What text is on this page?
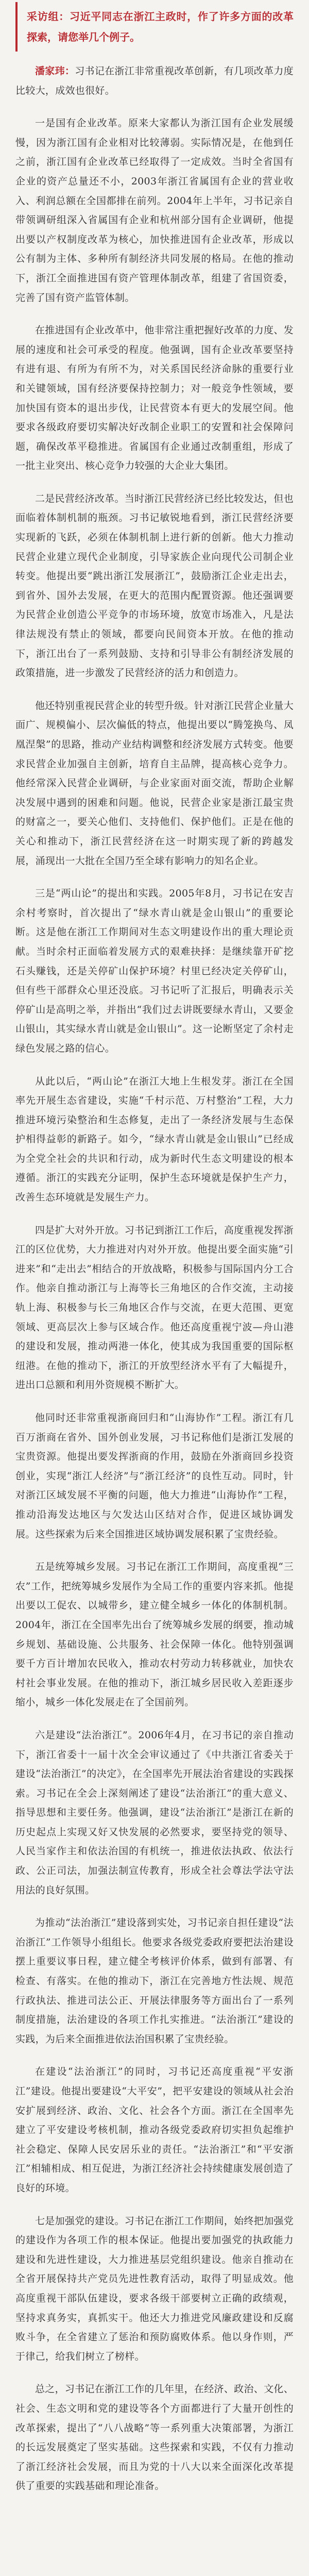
采访组：习近平同志在浙江主政时，作了许多方面的改革探索，请您举几个例子。

潘家玮：习书记在浙江非常重视改革创新，有几项改革力度比较大，成效也很好。

一是国有企业改革。原来大家都认为浙江国有企业发展缓慢，因为浙江国有企业相对比较薄弱。实际情况是，在他到任之前，浙江国有企业改革已经取得了一定成效。当时全省国有企业的资产总量还不小，2003年浙江省属国有企业的营业收入、利润总额在全国都排在前列。2004年上半年，习书记亲自带领调研组深入省属国有企业和杭州部分国有企业调研，他提出要以产权制度改革为核心，加快推进国有企业改革，形成以公有制为主体、多种所有制经济共同发展的格局。在他的推动下，浙江全面推进国有资产管理体制改革，组建了省国资委，完善了国有资产监管体制。

在推进国有企业改革中，他非常注重把握好改革的力度、发展的速度和社会可承受的程度。他强调，国有企业改革要坚持有进有退、有所为有所不为，对关系国民经济命脉的重要行业和关键领域，国有经济要保持控制力；对一般竞争性领域，要加快国有资本的退出步伐，让民营资本有更大的发展空间。他要求各级政府要切实解决好改制企业职工的安置和社会保障问题，确保改革平稳推进。省属国有企业通过改制重组，形成了一批主业突出、核心竞争力较强的大企业大集团。

二是民营经济改革。当时浙江民营经济已经比较发达，但也面临着体制机制的瓶颈。习书记敏锐地看到，浙江民营经济要实现新的飞跃，必须在体制机制上进行新的创新。他大力推动民营企业建立现代企业制度，引导家族企业向现代公司制企业转变。他提出要“跳出浙江发展浙江”，鼓励浙江企业走出去，到省外、国外去发展，在更大的范围内配置资源。他还强调要为民营企业创造公平竞争的市场环境，放宽市场准入，凡是法律法规没有禁止的领域，都要向民间资本开放。在他的推动下，浙江出台了一系列鼓励、支持和引导非公有制经济发展的政策措施，进一步激发了民营经济的活力和创造力。

他还特别重视民营企业的转型升级。针对浙江民营企业量大面广、规模偏小、层次偏低的特点，他提出要以“腾笼换鸟、凤凰涅槃”的思路，推动产业结构调整和经济发展方式转变。他要求民营企业加强自主创新，培育自主品牌，提高核心竞争力。他经常深入民营企业调研，与企业家面对面交流，帮助企业解决发展中遇到的困难和问题。他说，民营企业家是浙江最宝贵的财富之一，要关心他们、支持他们、保护他们。正是在他的关心和推动下，浙江民营经济在这一时期实现了新的跨越发展，涌现出一大批在全国乃至全球有影响力的知名企业。

三是“两山论”的提出和实践。2005年8月，习书记在安吉余村考察时，首次提出了“绿水青山就是金山银山”的重要论断。这是他在浙江工作期间对生态文明建设作出的重大理论贡献。当时余村正面临着发展方式的艰难抉择：是继续靠开矿挖石头赚钱，还是关停矿山保护环境？村里已经决定关停矿山，但有些干部群众心里还没底。习书记听了汇报后，明确表示关停矿山是高明之举，并指出“我们过去讲既要绿水青山，又要金山银山，其实绿水青山就是金山银山”。这一论断坚定了余村走绿色发展之路的信心。

从此以后，“两山论”在浙江大地上生根发芽。浙江在全国率先开展生态省建设，实施“千村示范、万村整治”工程，大力推进环境污染整治和生态修复，走出了一条经济发展与生态保护相得益彰的新路子。如今，“绿水青山就是金山银山”已经成为全党全社会的共识和行动，成为新时代生态文明建设的根本遵循。浙江的实践充分证明，保护生态环境就是保护生产力，改善生态环境就是发展生产力。

四是扩大对外开放。习书记到浙江工作后，高度重视发挥浙江的区位优势，大力推进对内对外开放。他提出要全面实施“引进来”和“走出去”相结合的开放战略，积极参与国际国内分工合作。他亲自推动浙江与上海等长三角地区的合作交流，主动接轨上海、积极参与长三角地区合作与交流，在更大范围、更宽领域、更高层次上参与区域合作。他还高度重视宁波—舟山港的建设和发展，推动两港一体化，使其成为我国重要的国际枢纽港。在他的推动下，浙江的开放型经济水平有了大幅提升，进出口总额和利用外资规模不断扩大。

他同时还非常重视浙商回归和“山海协作”工程。浙江有几百万浙商在省外、国外创业发展，习书记称他们是浙江发展的宝贵资源。他提出要发挥浙商的作用，鼓励在外浙商回乡投资创业，实现“浙江人经济”与“浙江经济”的良性互动。同时，针对浙江区域发展不平衡的问题，他大力推进“山海协作”工程，推动沿海发达地区与欠发达山区结对合作，促进区域协调发展。这些探索为后来全国推进区域协调发展积累了宝贵经验。

五是统筹城乡发展。习书记在浙江工作期间，高度重视“三农”工作，把统筹城乡发展作为全局工作的重要内容来抓。他提出要以工促农、以城带乡，建立健全城乡一体化的体制机制。2004年，浙江在全国率先出台了统筹城乡发展的纲要，推动城乡规划、基础设施、公共服务、社会保障一体化。他特别强调要千方百计增加农民收入，推动农村劳动力转移就业，加快农村社会事业发展。在他的推动下，浙江城乡居民收入差距逐步缩小，城乡一体化发展走在了全国前列。

六是建设“法治浙江”。2006年4月，在习书记的亲自推动下，浙江省委十一届十次全会审议通过了《中共浙江省委关于建设“法治浙江”的决定》，在全国率先开展法治省建设的实践探索。习书记在全会上深刻阐述了建设“法治浙江”的重大意义、指导思想和主要任务。他强调，建设“法治浙江”是浙江在新的历史起点上实现又好又快发展的必然要求，要坚持党的领导、人民当家作主和依法治国的有机统一，推进依法执政、依法行政、公正司法，加强法制宣传教育，形成全社会尊法学法守法用法的良好氛围。

为推动“法治浙江”建设落到实处，习书记亲自担任建设“法治浙江”工作领导小组组长。他要求各级党委政府要把法治建设摆上重要议事日程，建立健全考核评价体系，做到有部署、有检查、有落实。在他的推动下，浙江在完善地方性法规、规范行政执法、推进司法公正、开展法律服务等方面出台了一系列制度措施，法治建设的各项工作扎实推进。“法治浙江”建设的实践，为后来全面推进依法治国积累了宝贵经验。

在建设“法治浙江”的同时，习书记还高度重视“平安浙江”建设。他提出要建设“大平安”，把平安建设的领域从社会治安扩展到经济、政治、文化、社会各个方面。浙江在全国率先建立了平安建设考核机制，推动各级党委政府切实担负起维护社会稳定、保障人民安居乐业的责任。“法治浙江”和“平安浙江”相辅相成、相互促进，为浙江经济社会持续健康发展创造了良好的环境。

七是加强党的建设。习书记在浙江工作期间，始终把加强党的建设作为各项工作的根本保证。他提出要加强党的执政能力建设和先进性建设，大力推进基层党组织建设。他亲自推动在全省开展保持共产党员先进性教育活动，取得了明显成效。他高度重视干部队伍建设，要求各级干部要树立正确的政绩观，坚持求真务实，真抓实干。他还大力推进党风廉政建设和反腐败斗争，在全省建立了惩治和预防腐败体系。他以身作则，严于律己，给我们树立了榜样。

总之，习书记在浙江工作的几年里，在经济、政治、文化、社会、生态文明和党的建设等各个方面都进行了大量开创性的改革探索，提出了“八八战略”等一系列重大决策部署，为浙江的长远发展奠定了坚实基础。这些探索和实践，不仅有力推动了浙江经济社会发展，而且为党的十八大以来全面深化改革提供了重要的实践基础和理论准备。
